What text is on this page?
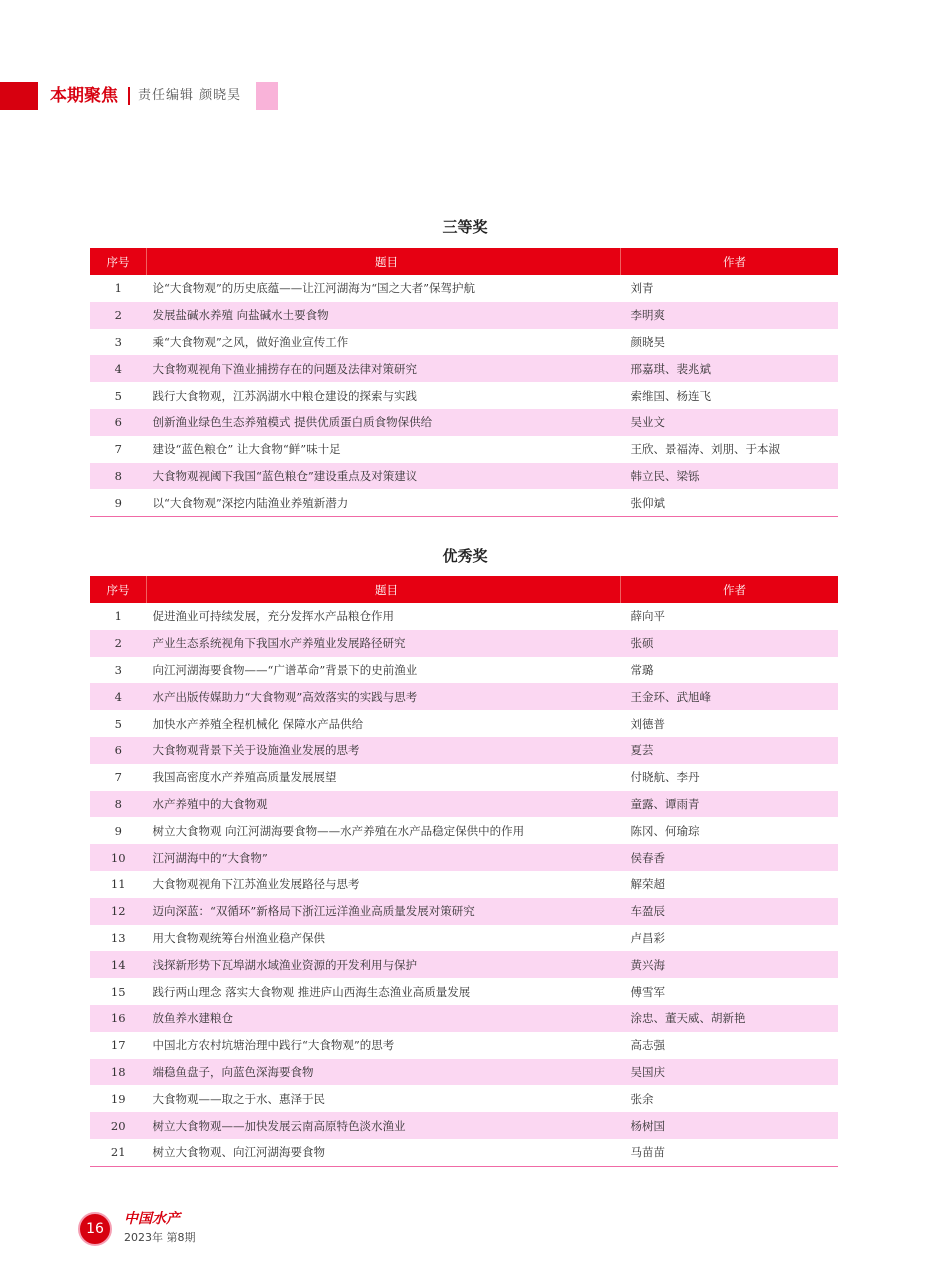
本期聚焦 责任编辑 颜晓昊
三等奖
序号	题目	作者
1	论“大食物观”的历史底蕴——让江河湖海为“国之大者”保驾护航	刘青
2	发展盐碱水养殖 向盐碱水土要食物	李明爽
3	乘“大食物观”之风，做好渔业宣传工作	颜晓昊
4	大食物观视角下渔业捕捞存在的问题及法律对策研究	邢嘉琪、裴兆斌
5	践行大食物观，江苏涡湖水中粮仓建设的探索与实践	索维国、杨连飞
6	创新渔业绿色生态养殖模式 提供优质蛋白质食物保供给	吴业文
7	建设“蓝色粮仓” 让大食物“鲜”味十足	王欣、景福涛、刘朋、于本淑
8	大食物观视阈下我国“蓝色粮仓”建设重点及对策建议	韩立民、梁铄
9	以“大食物观”深挖内陆渔业养殖新潜力	张仰斌
优秀奖
序号	题目	作者
1	促进渔业可持续发展，充分发挥水产品粮仓作用	薛向平
2	产业生态系统视角下我国水产养殖业发展路径研究	张硕
3	向江河湖海要食物——“广谱革命”背景下的史前渔业	常璐
4	水产出版传媒助力“大食物观”高效落实的实践与思考	王金环、武旭峰
5	加快水产养殖全程机械化 保障水产品供给	刘德普
6	大食物观背景下关于设施渔业发展的思考	夏芸
7	我国高密度水产养殖高质量发展展望	付晓航、李丹
8	水产养殖中的大食物观	童露、谭雨青
9	树立大食物观 向江河湖海要食物——水产养殖在水产品稳定保供中的作用	陈冈、何瑜琮
10	江河湖海中的“大食物”	侯春香
11	大食物观视角下江苏渔业发展路径与思考	解荣超
12	迈向深蓝：“双循环”新格局下浙江远洋渔业高质量发展对策研究	车盈辰
13	用大食物观统筹台州渔业稳产保供	卢昌彩
14	浅探新形势下瓦埠湖水域渔业资源的开发利用与保护	黄兴海
15	践行两山理念 落实大食物观 推进庐山西海生态渔业高质量发展	傅雪军
16	放鱼养水建粮仓	涂忠、董天威、胡新艳
17	中国北方农村坑塘治理中践行“大食物观”的思考	高志强
18	端稳鱼盘子，向蓝色深海要食物	吴国庆
19	大食物观——取之于水、惠泽于民	张余
20	树立大食物观——加快发展云南高原特色淡水渔业	杨树国
21	树立大食物观、向江河湖海要食物	马苗苗
16
中国水产
2023年 第8期
